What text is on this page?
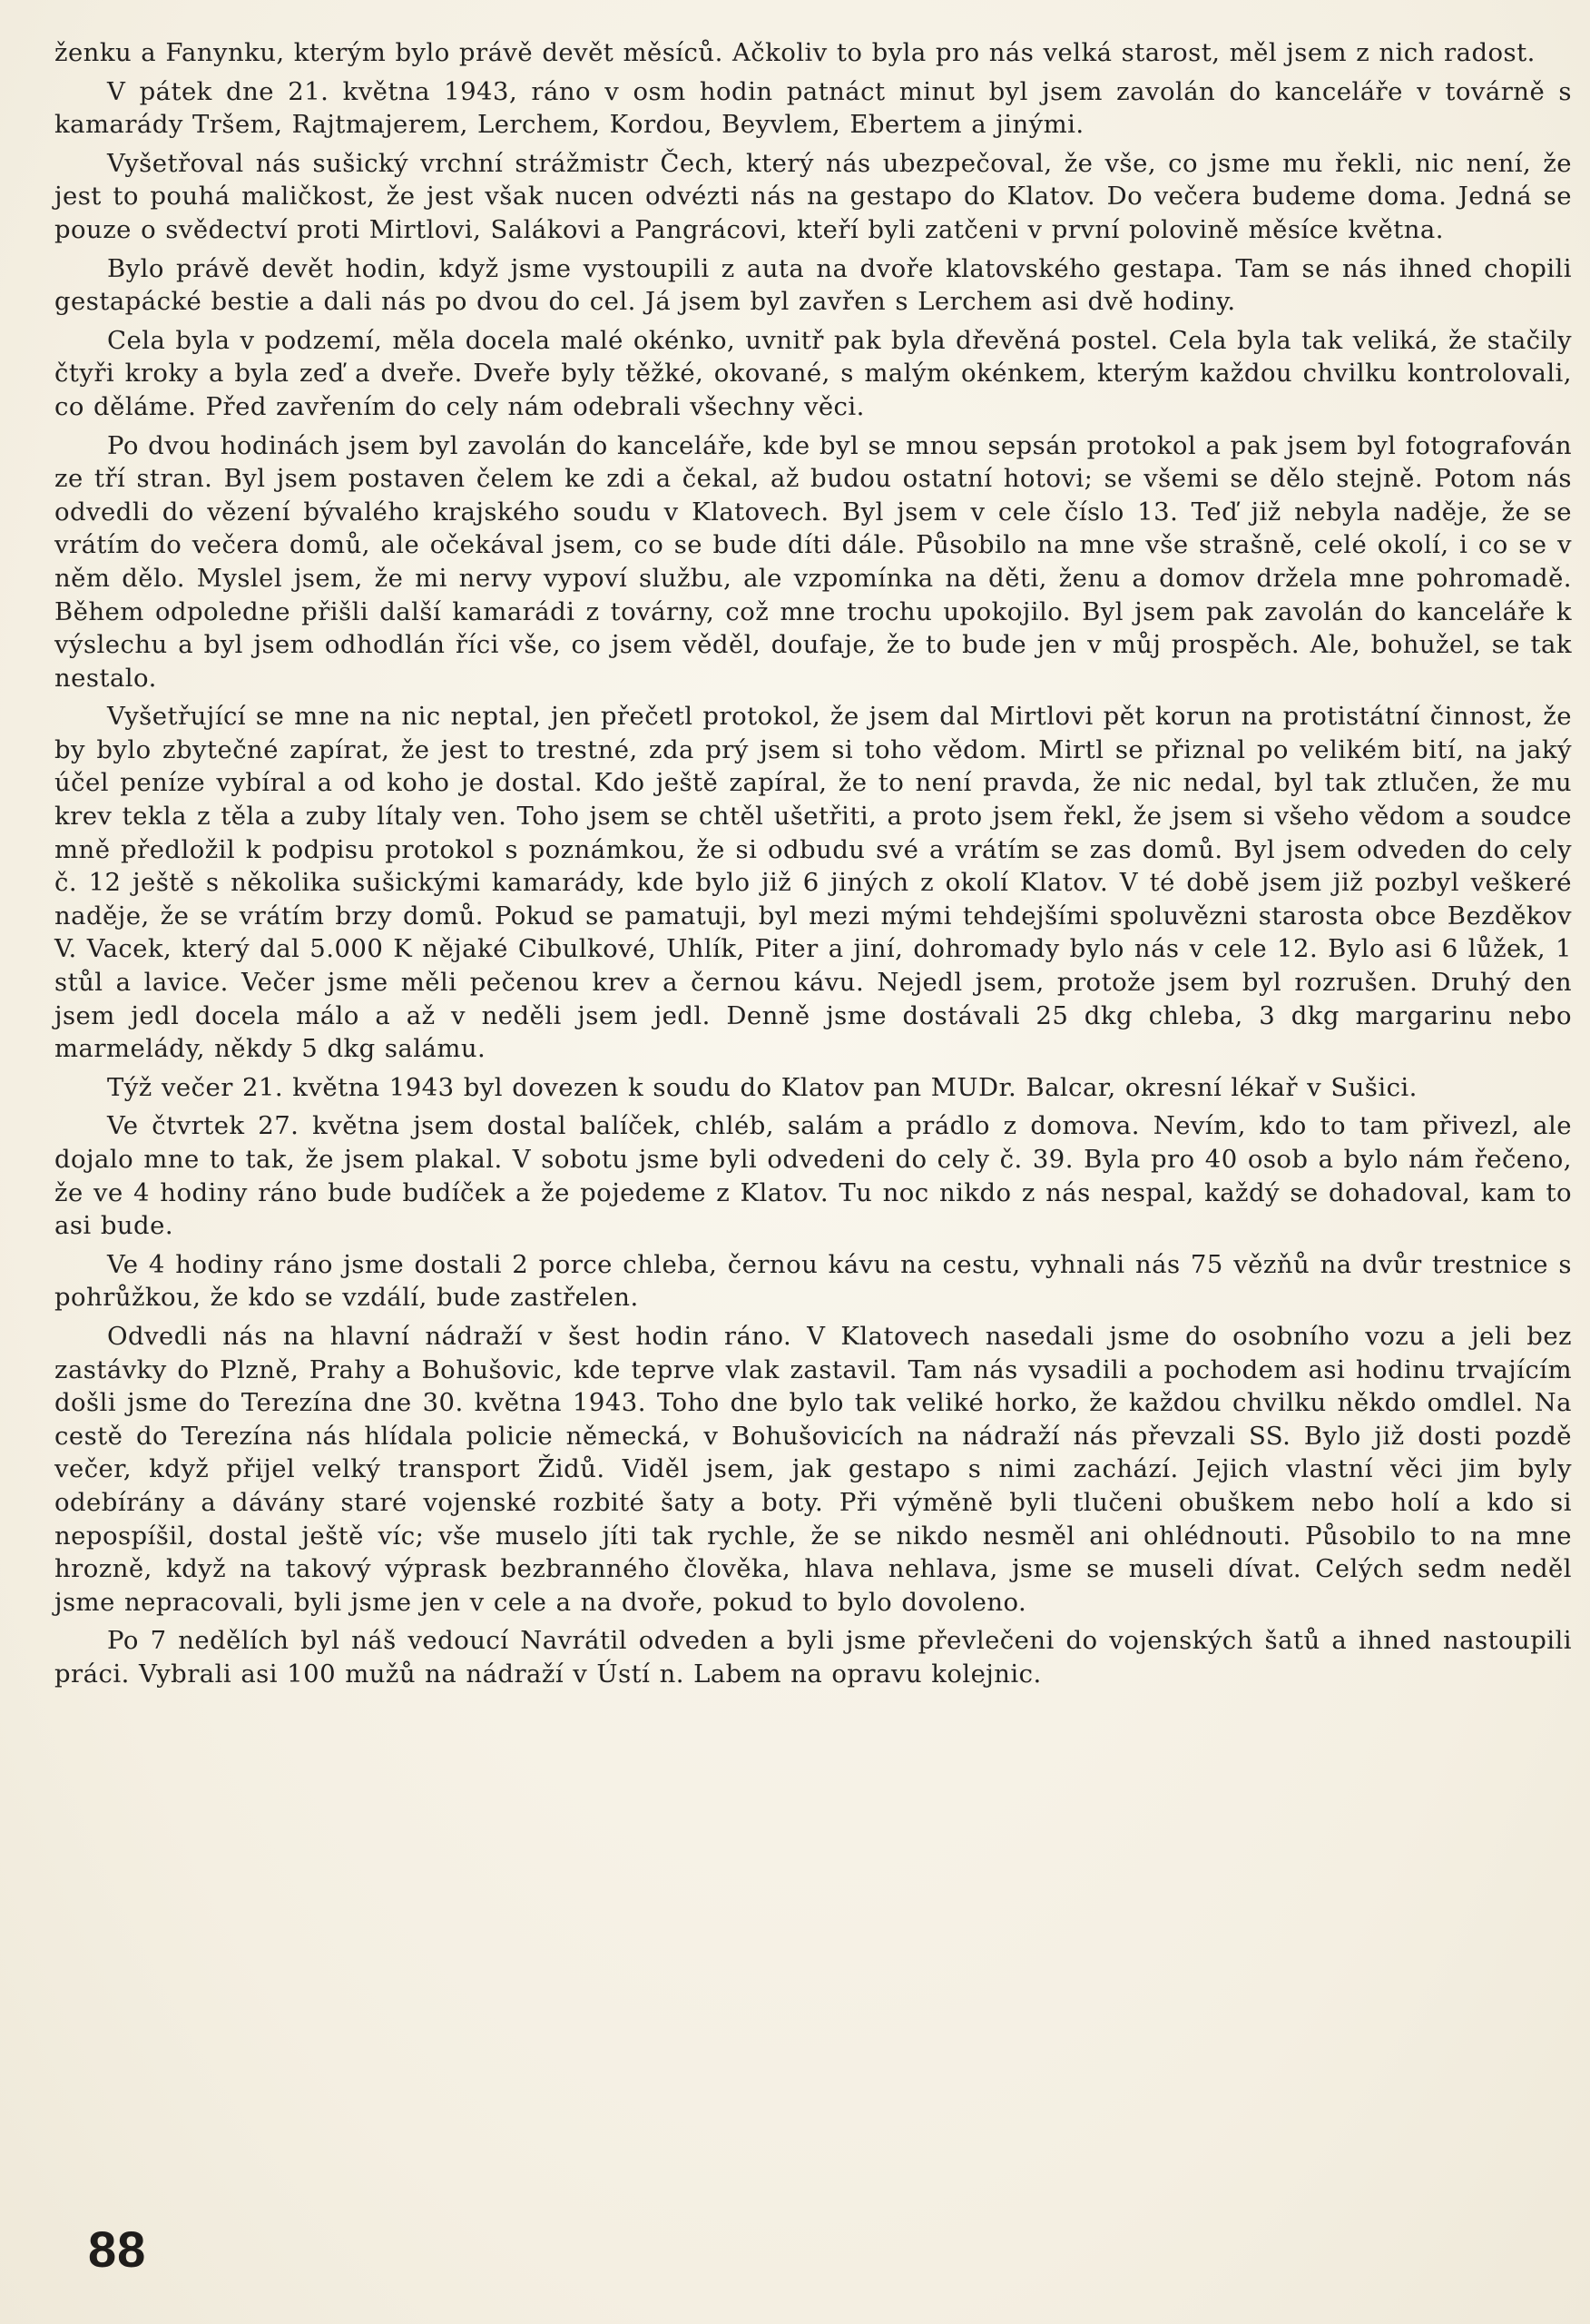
ženku a Fanynku, kterým bylo právě devět měsíců. Ačkoliv to byla pro nás velká starost, měl jsem z nich radost.

V pátek dne 21. května 1943, ráno v osm hodin patnáct minut byl jsem zavolán do kanceláře v továrně s kamarády Tršem, Rajtmajerem, Lerchem, Kordou, Beyvlem, Ebertem a jinými.

Vyšetřoval nás sušický vrchní strážmistr Čech, který nás ubezpečoval, že vše, co jsme mu řekli, nic není, že jest to pouhá maličkost, že jest však nucen odvézti nás na gestapo do Klatov. Do večera budeme doma. Jedná se pouze o svědectví proti Mirtlovi, Salákovi a Pangrácovi, kteří byli zatčeni v první polovině měsíce května.

Bylo právě devět hodin, když jsme vystoupili z auta na dvoře klatovského gestapa. Tam se nás ihned chopili gestapácké bestie a dali nás po dvou do cel. Já jsem byl zavřen s Lerchem asi dvě hodiny.

Cela byla v podzemí, měla docela malé okénko, uvnitř pak byla dřevěná postel. Cela byla tak veliká, že stačily čtyři kroky a byla zeď a dveře. Dveře byly těžké, okované, s malým okénkem, kterým každou chvilku kontrolovali, co děláme. Před zavřením do cely nám odebrali všechny věci.

Po dvou hodinách jsem byl zavolán do kanceláře, kde byl se mnou sepsán protokol a pak jsem byl fotografován ze tří stran. Byl jsem postaven čelem ke zdi a čekal, až budou ostatní hotovi; se všemi se dělo stejně. Potom nás odvedli do vězení bývalého krajského soudu v Klatovech. Byl jsem v cele číslo 13. Teď již nebyla naděje, že se vrátím do večera domů, ale očekával jsem, co se bude díti dále. Působilo na mne vše strašně, celé okolí, i co se v něm dělo. Myslel jsem, že mi nervy vypoví službu, ale vzpomínka na děti, ženu a domov držela mne pohromadě. Během odpoledne přišli další kamarádi z továrny, což mne trochu upokojilo. Byl jsem pak zavolán do kanceláře k výslechu a byl jsem odhodlán říci vše, co jsem věděl, doufaje, že to bude jen v můj prospěch. Ale, bohužel, se tak nestalo.

Vyšetřující se mne na nic neptal, jen přečetl protokol, že jsem dal Mirtlovi pět korun na protistátní činnost, že by bylo zbytečné zapírat, že jest to trestné, zda prý jsem si toho vědom. Mirtl se přiznal po velikém bití, na jaký účel peníze vybíral a od koho je dostal. Kdo ještě zapíral, že to není pravda, že nic nedal, byl tak ztlučen, že mu krev tekla z těla a zuby lítaly ven. Toho jsem se chtěl ušetřiti, a proto jsem řekl, že jsem si všeho vědom a soudce mně předložil k podpisu protokol s poznámkou, že si odbudu své a vrátím se zas domů. Byl jsem odveden do cely č. 12 ještě s několika sušickými kamarády, kde bylo již 6 jiných z okolí Klatov. V té době jsem již pozbyl veškeré naděje, že se vrátím brzy domů. Pokud se pamatuji, byl mezi mými tehdejšími spoluvězni starosta obce Bezděkov V. Vacek, který dal 5.000 K nějaké Cibulkové, Uhlík, Piter a jiní, dohromady bylo nás v cele 12. Bylo asi 6 lůžek, 1 stůl a lavice. Večer jsme měli pečenou krev a černou kávu. Nejedl jsem, protože jsem byl rozrušen. Druhý den jsem jedl docela málo a až v neděli jsem jedl. Denně jsme dostávali 25 dkg chleba, 3 dkg margarinu nebo marmelády, někdy 5 dkg salámu.

Týž večer 21. května 1943 byl dovezen k soudu do Klatov pan MUDr. Balcar, okresní lékař v Sušici.

Ve čtvrtek 27. května jsem dostal balíček, chléb, salám a prádlo z domova. Nevím, kdo to tam přivezl, ale dojalo mne to tak, že jsem plakal. V sobotu jsme byli odvedeni do cely č. 39. Byla pro 40 osob a bylo nám řečeno, že ve 4 hodiny ráno bude budíček a že pojedeme z Klatov. Tu noc nikdo z nás nespal, každý se dohadoval, kam to asi bude.

Ve 4 hodiny ráno jsme dostali 2 porce chleba, černou kávu na cestu, vyhnali nás 75 vězňů na dvůr trestnice s pohrůžkou, že kdo se vzdálí, bude zastřelen.

Odvedli nás na hlavní nádraží v šest hodin ráno. V Klatovech nasedali jsme do osobního vozu a jeli bez zastávky do Plzně, Prahy a Bohušovic, kde teprve vlak zastavil. Tam nás vysadili a pochodem asi hodinu trvajícím došli jsme do Terezína dne 30. května 1943. Toho dne bylo tak veliké horko, že každou chvilku někdo omdlel. Na cestě do Terezína nás hlídala policie německá, v Bohušovicích na nádraží nás převzali SS. Bylo již dosti pozdě večer, když přijel velký transport Židů. Viděl jsem, jak gestapo s nimi zachází. Jejich vlastní věci jim byly odebírány a dávány staré vojenské rozbité šaty a boty. Při výměně byli tlučeni obuškem nebo holí a kdo si nepospíšil, dostal ještě víc; vše muselo jíti tak rychle, že se nikdo nesměl ani ohlédnouti. Působilo to na mne hrozně, když na takový výprask bezbranného člověka, hlava nehlava, jsme se museli dívat. Celých sedm neděl jsme nepracovali, byli jsme jen v cele a na dvoře, pokud to bylo dovoleno.

Po 7 nedělích byl náš vedoucí Navrátil odveden a byli jsme převlečeni do vojenských šatů a ihned nastoupili práci. Vybrali asi 100 mužů na nádraží v Ústí n. Labem na opravu kolejnic.

88
